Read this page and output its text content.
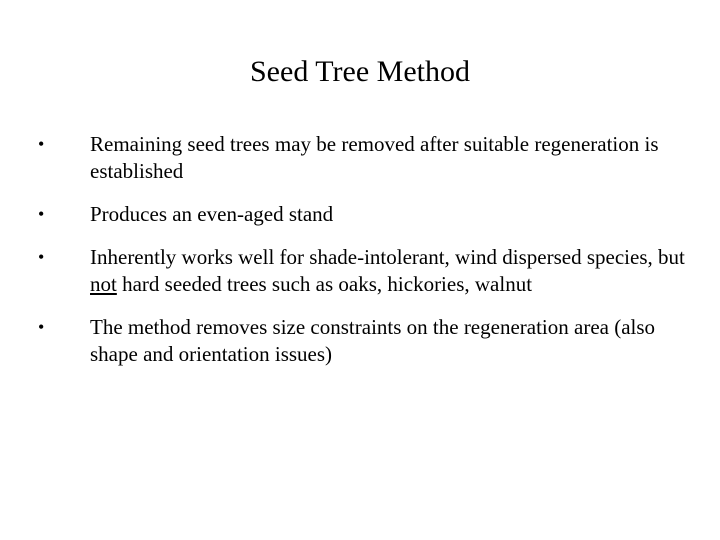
Seed Tree Method
• Remaining seed trees may be removed after suitable regeneration is established
• Produces an even-aged stand
• Inherently works well for shade-intolerant, wind dispersed species, but not hard seeded trees such as oaks, hickories, walnut
• The method removes size constraints on the regeneration area (also shape and orientation issues)
